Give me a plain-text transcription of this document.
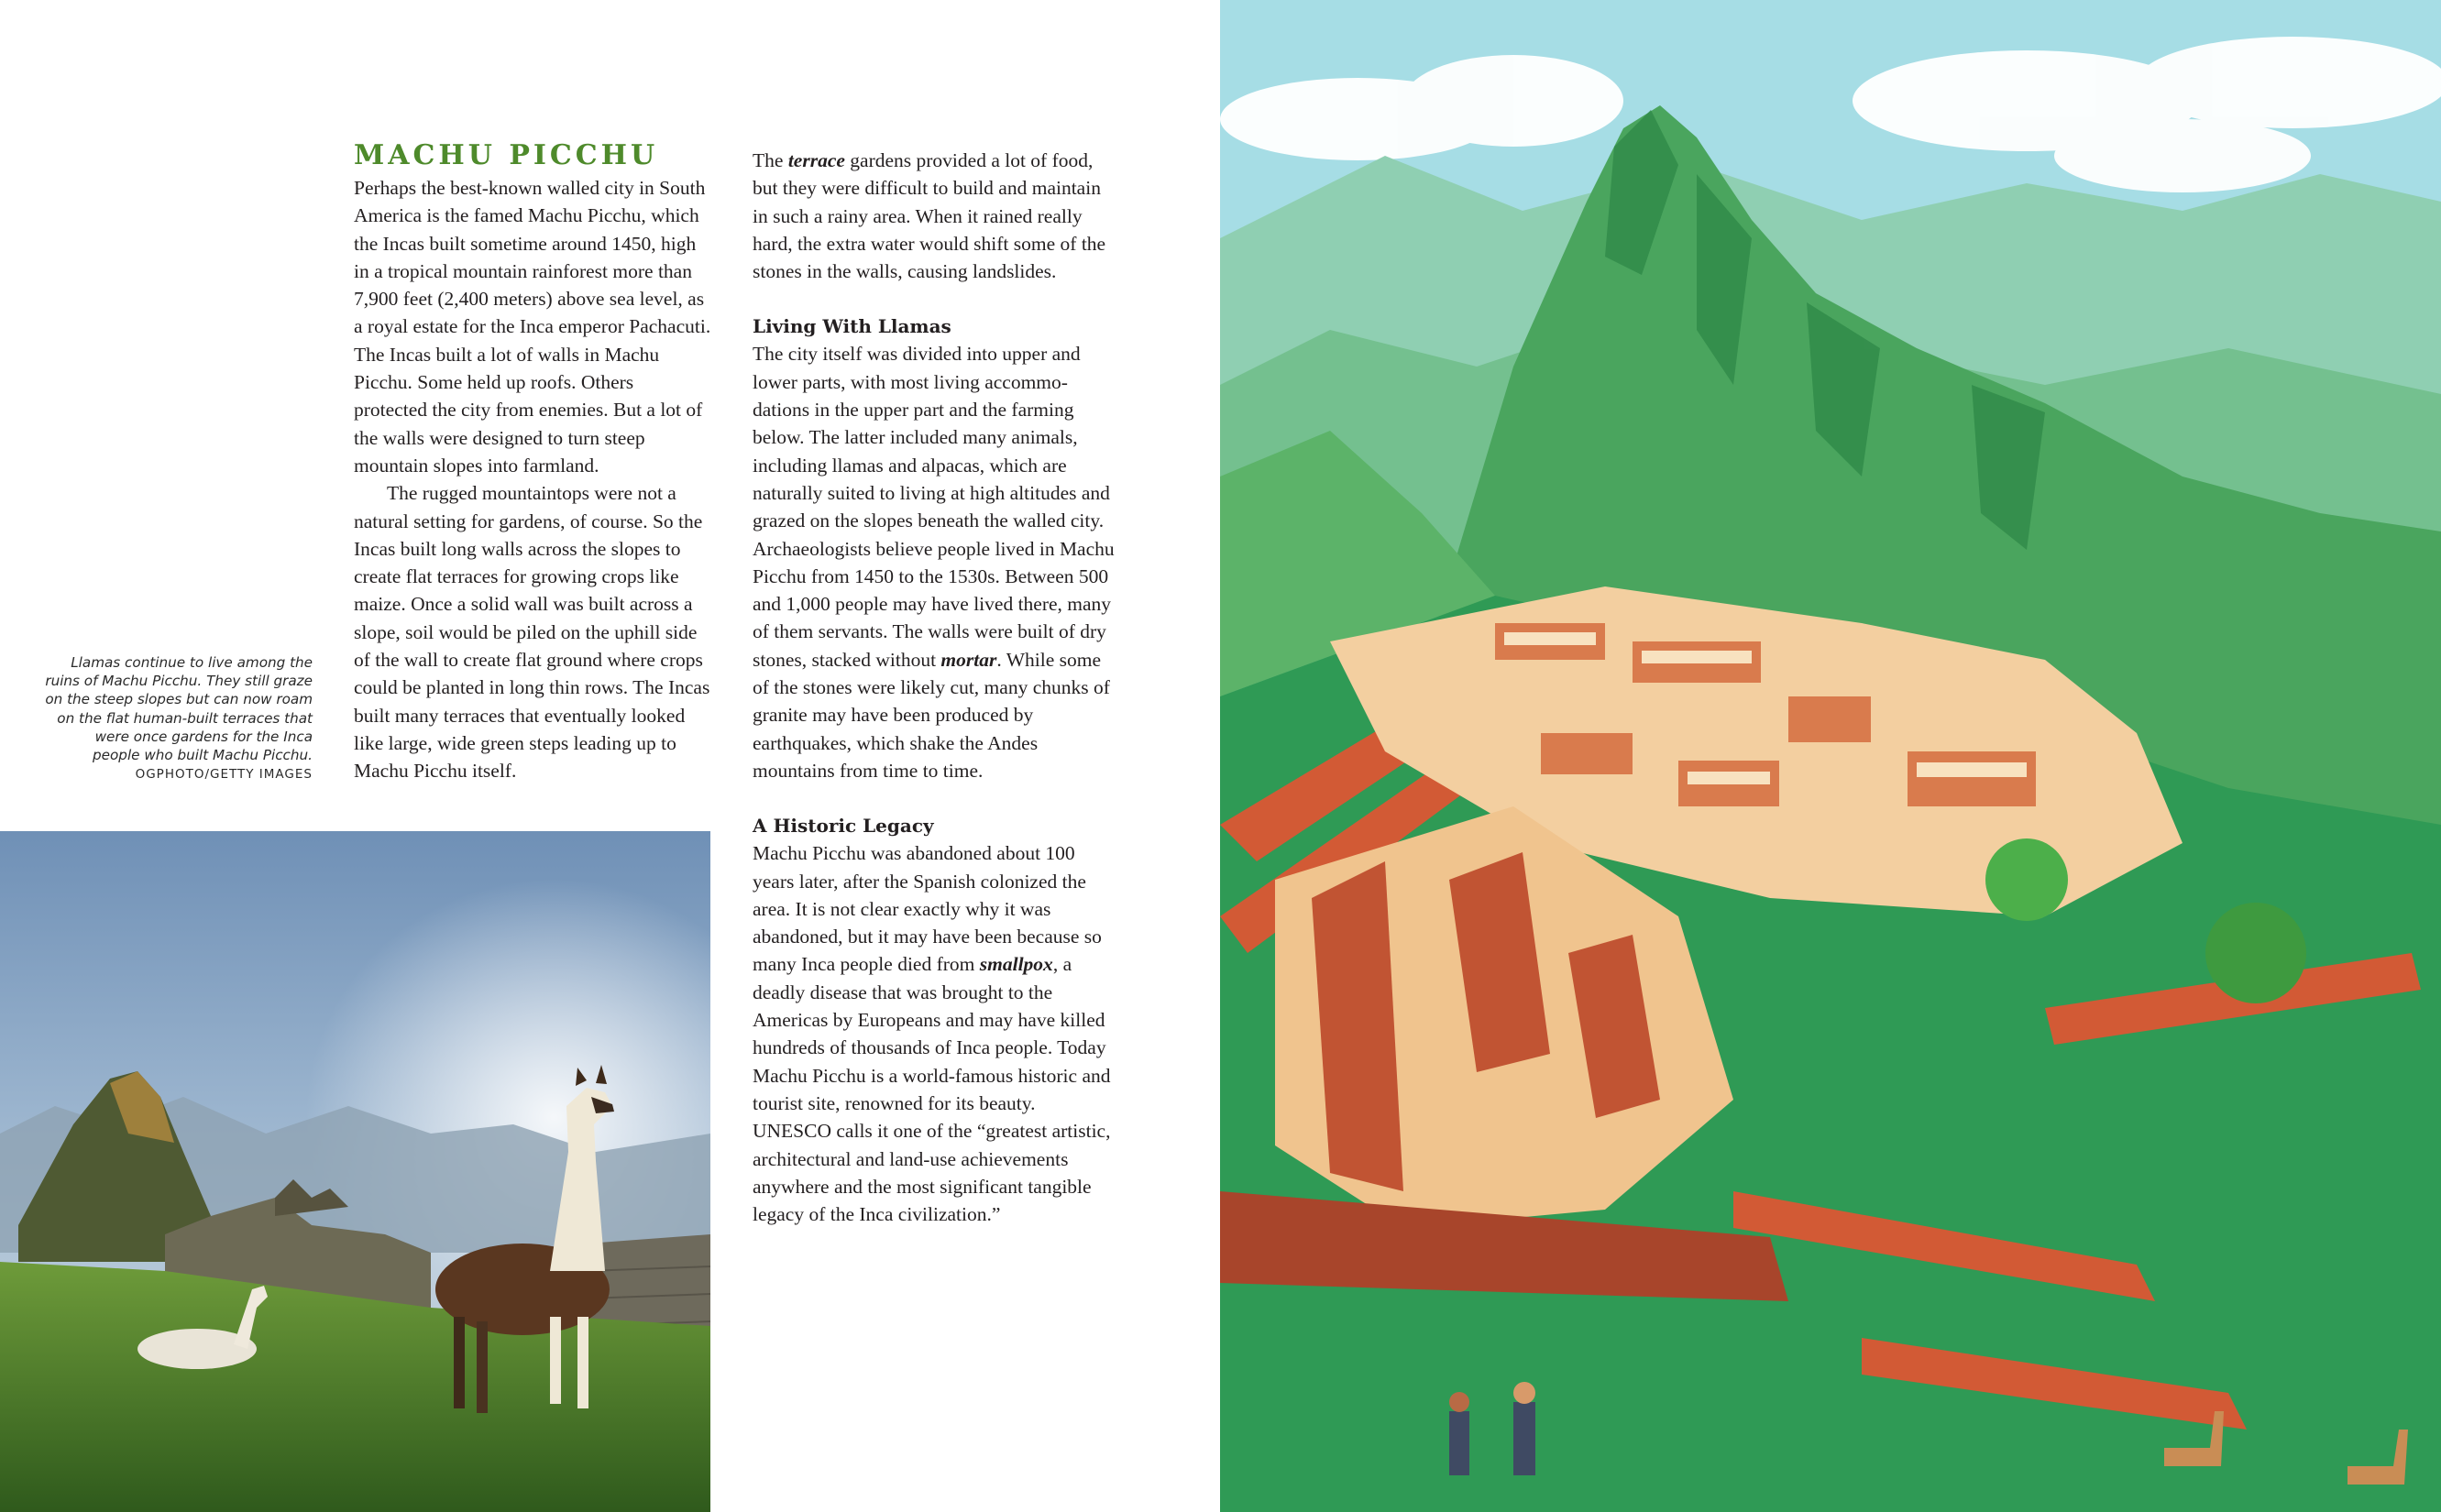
MACHU PICCHU

Perhaps the best-known walled city in South America is the famed Machu Picchu, which the Incas built sometime around 1450, high in a tropical mountain rainforest more than 7,900 feet (2,400 meters) above sea level, as a royal estate for the Inca emperor Pachacuti. The Incas built a lot of walls in Machu Picchu. Some held up roofs. Others protected the city from enemies. But a lot of the walls were designed to turn steep mountain slopes into farmland.

The rugged mountaintops were not a natural setting for gardens, of course. So the Incas built long walls across the slopes to create flat terraces for growing crops like maize. Once a solid wall was built across a slope, soil would be piled on the uphill side of the wall to create flat ground where crops could be planted in long thin rows. The Incas built many terraces that eventually looked like large, wide green steps leading up to Machu Picchu itself.

The terrace gardens provided a lot of food, but they were difficult to build and maintain in such a rainy area. When it rained really hard, the extra water would shift some of the stones in the walls, causing landslides.

Living With Llamas

The city itself was divided into upper and lower parts, with most living accommodations in the upper part and the farming below. The latter included many animals, including llamas and alpacas, which are naturally suited to living at high altitudes and grazed on the slopes beneath the walled city. Archaeologists believe people lived in Machu Picchu from 1450 to the 1530s. Between 500 and 1,000 people may have lived there, many of them servants. The walls were built of dry stones, stacked without mortar. While some of the stones were likely cut, many chunks of granite may have been produced by earthquakes, which shake the Andes mountains from time to time.

A Historic Legacy

Machu Picchu was abandoned about 100 years later, after the Spanish colonized the area. It is not clear exactly why it was abandoned, but it may have been because so many Inca people died from smallpox, a deadly disease that was brought to the Americas by Europeans and may have killed hundreds of thousands of Inca people. Today Machu Picchu is a world-famous historic and tourist site, renowned for its beauty. UNESCO calls it one of the “greatest artistic, architectural and land-use achievements anywhere and the most significant tangible legacy of the Inca civilization.”

Llamas continue to live among the ruins of Machu Picchu. They still graze on the steep slopes but can now roam on the flat human-built terraces that were once gardens for the Inca people who built Machu Picchu.
OGPHOTO/GETTY IMAGES
